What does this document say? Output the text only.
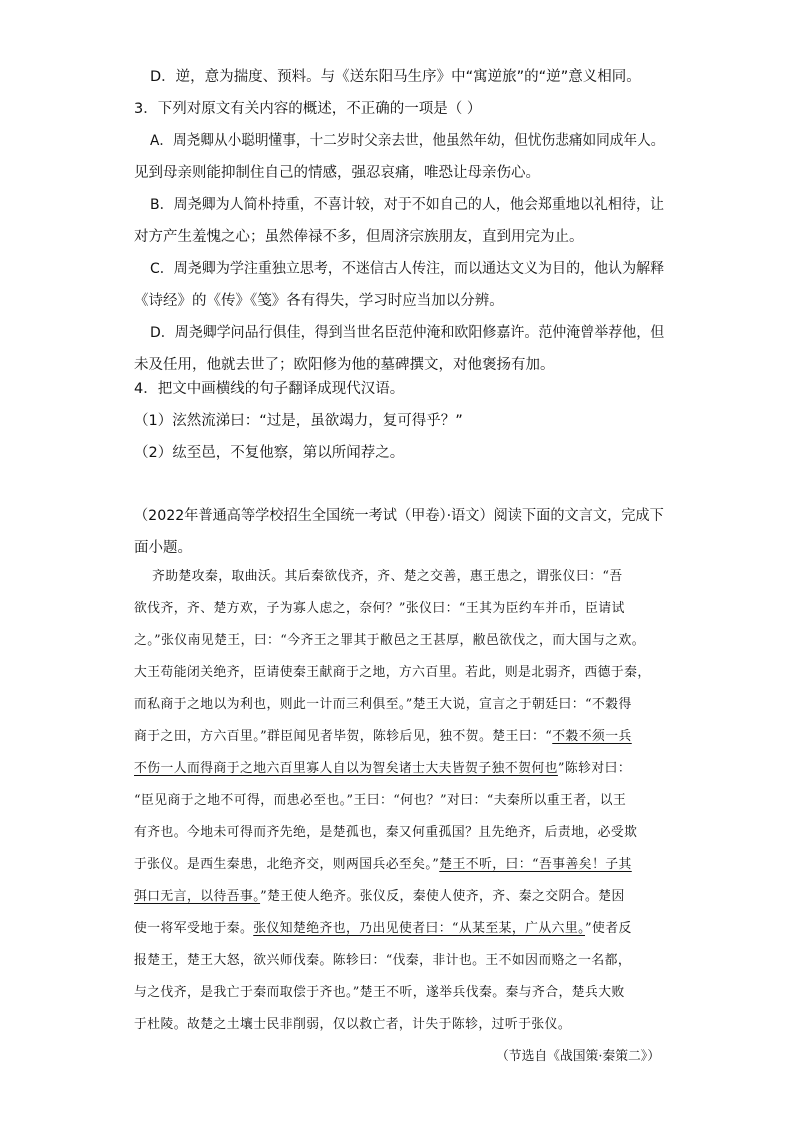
D．逆，意为揣度、预料。与《送东阳马生序》中“寓逆旅”的“逆”意义相同。
3．下列对原文有关内容的概述，不正确的一项是（ ）
A．周尧卿从小聪明懂事，十二岁时父亲去世，他虽然年幼，但忧伤悲痛如同成年人。
见到母亲则能抑制住自己的情感，强忍哀痛，唯恐让母亲伤心。
B．周尧卿为人简朴持重，不喜计较，对于不如自己的人，他会郑重地以礼相待，让
对方产生羞愧之心；虽然俸禄不多，但周济宗族朋友，直到用完为止。
C．周尧卿为学注重独立思考，不迷信古人传注，而以通达文义为目的，他认为解释
《诗经》的《传》《笺》各有得失，学习时应当加以分辨。
D．周尧卿学问品行俱佳，得到当世名臣范仲淹和欧阳修嘉许。范仲淹曾举荐他，但
未及任用，他就去世了；欧阳修为他的墓碑撰文，对他褒扬有加。
4．把文中画横线的句子翻译成现代汉语。
（1）泫然流涕曰：“过是，虽欲竭力，复可得乎？”
（2）纮至邑，不复他察，第以所闻荐之。
（2022年普通高等学校招生全国统一考试（甲卷）·语文）阅读下面的文言文，完成下
面小题。
齐助楚攻秦，取曲沃。其后秦欲伐齐，齐、楚之交善，惠王患之，谓张仪曰：“吾
欲伐齐，齐、楚方欢，子为寡人虑之，奈何？”张仪曰：“王其为臣约车并币，臣请试
之。”张仪南见楚王，曰：“今齐王之罪其于敝邑之王甚厚，敝邑欲伐之，而大国与之欢。
大王苟能闭关绝齐，臣请使秦王献商于之地，方六百里。若此，则是北弱齐，西德于秦，
而私商于之地以为利也，则此一计而三利俱至。”楚王大说，宣言之于朝廷曰：“不穀得
商于之田，方六百里。”群臣闻见者毕贺，陈轸后见，独不贺。楚王曰：“不穀不须一兵
不伤一人而得商于之地六百里寡人自以为智矣诸士大夫皆贺子独不贺何也”陈轸对曰：
“臣见商于之地不可得，而患必至也。”王曰：“何也？”对曰：“夫秦所以重王者，以王
有齐也。今地未可得而齐先绝，是楚孤也，秦又何重孤国？且先绝齐，后责地，必受欺
于张仪。是西生秦患，北绝齐交，则两国兵必至矣。”楚王不听，曰：“吾事善矣！子其
弭口无言，以待吾事。”楚王使人绝齐。张仪反，秦使人使齐，齐、秦之交阴合。楚因
使一将军受地于秦。张仪知楚绝齐也，乃出见使者曰：“从某至某，广从六里。”使者反
报楚王，楚王大怒，欲兴师伐秦。陈轸曰：“伐秦，非计也。王不如因而赂之一名都，
与之伐齐，是我亡于秦而取偿于齐也。”楚王不听，遂举兵伐秦。秦与齐合，楚兵大败
于杜陵。故楚之土壤士民非削弱，仅以救亡者，计失于陈轸，过听于张仪。
（节选自《战国策·秦策二》）
